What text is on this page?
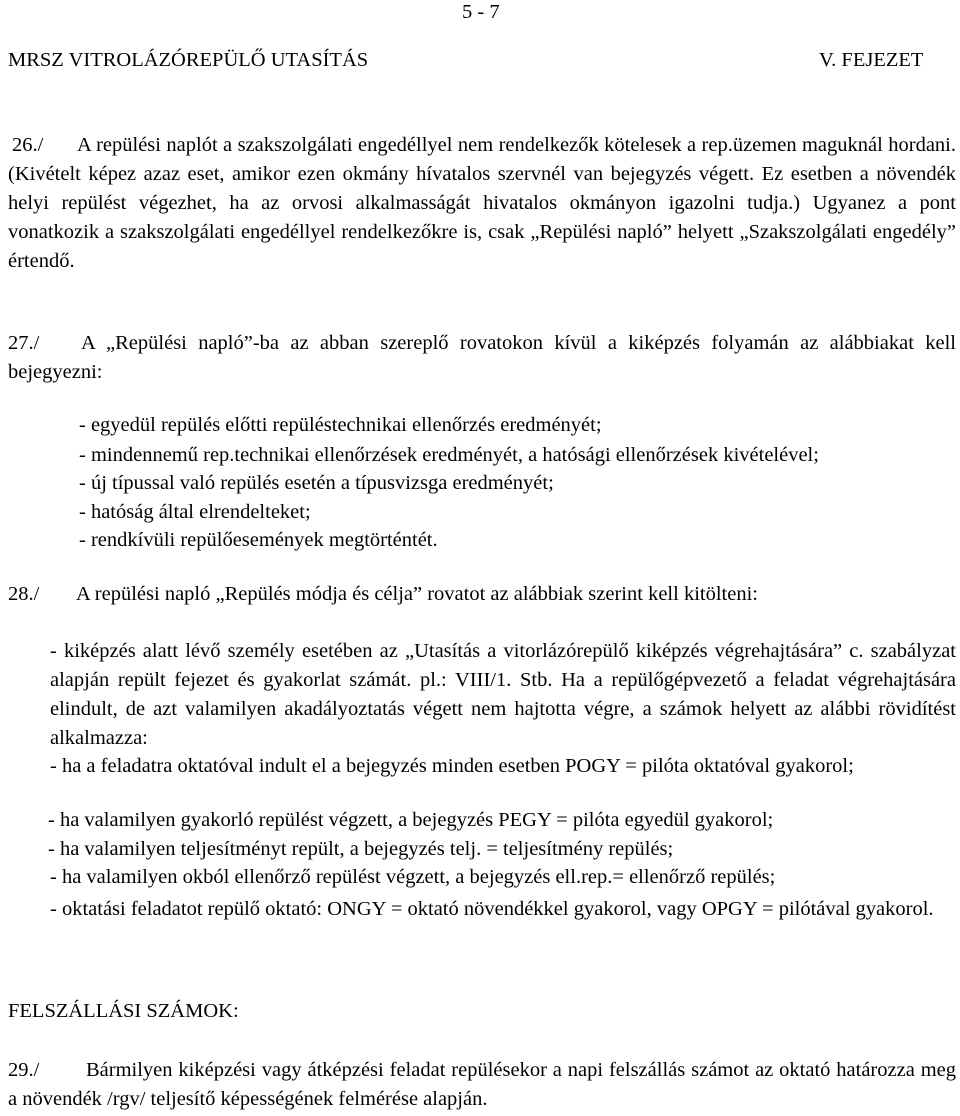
5 - 7
MRSZ VITROLÁZÓREPÜLŐ UTASÍTÁS	V. FEJEZET

26./ A repülési naplót a szakszolgálati engedéllyel nem rendelkezők kötelesek a rep.üzemen maguknál hordani. (Kivételt képez azaz eset, amikor ezen okmány hívatalos szervnél van bejegyzés végett. Ez esetben a növendék helyi repülést végezhet, ha az orvosi alkalmasságát hivatalos okmányon igazolni tudja.) Ugyanez a pont vonatkozik a szakszolgálati engedéllyel rendelkezőkre is, csak „Repülési napló” helyett „Szakszolgálati engedély” értendő.

27./ A „Repülési napló”-ba az abban szereplő rovatokon kívül a kiképzés folyamán az alábbiakat kell bejegyezni:

- egyedül repülés előtti repüléstechnikai ellenőrzés eredményét;
- mindennemű rep.technikai ellenőrzések eredményét, a hatósági ellenőrzések kivételével;
- új típussal való repülés esetén a típusvizsga eredményét;
- hatóság által elrendelteket;
- rendkívüli repülőesemények megtörténtét.
28./ A repülési napló „Repülés módja és célja” rovatot az alábbiak szerint kell kitölteni:

- kiképzés alatt lévő személy esetében az „Utasítás a vitorlázórepülő kiképzés végrehajtására” c. szabályzat alapján repült fejezet és gyakorlat számát. pl.: VIII/1. Stb. Ha a repülőgépvezető a feladat végrehajtására elindult, de azt valamilyen akadályoztatás végett nem hajtotta végre, a számok helyett az alábbi rövidítést alkalmazza:

- ha a feladatra oktatóval indult el a bejegyzés minden esetben POGY = pilóta oktatóval gyakorol;

- ha valamilyen gyakorló repülést végzett, a bejegyzés PEGY = pilóta egyedül gyakorol;
- ha valamilyen teljesítményt repült, a bejegyzés telj. = teljesítmény repülés;
- ha valamilyen okból ellenőrző repülést végzett, a bejegyzés ell.rep.= ellenőrző repülés;

- oktatási feladatot repülő oktató: ONGY = oktató növendékkel gyakorol, vagy OPGY = pilótával gyakorol.

FELSZÁLLÁSI SZÁMOK:

29./ Bármilyen kiképzési vagy átképzési feladat repülésekor a napi felszállás számot az oktató határozza meg a növendék /rgv/ teljesítő képességének felmérése alapján.
